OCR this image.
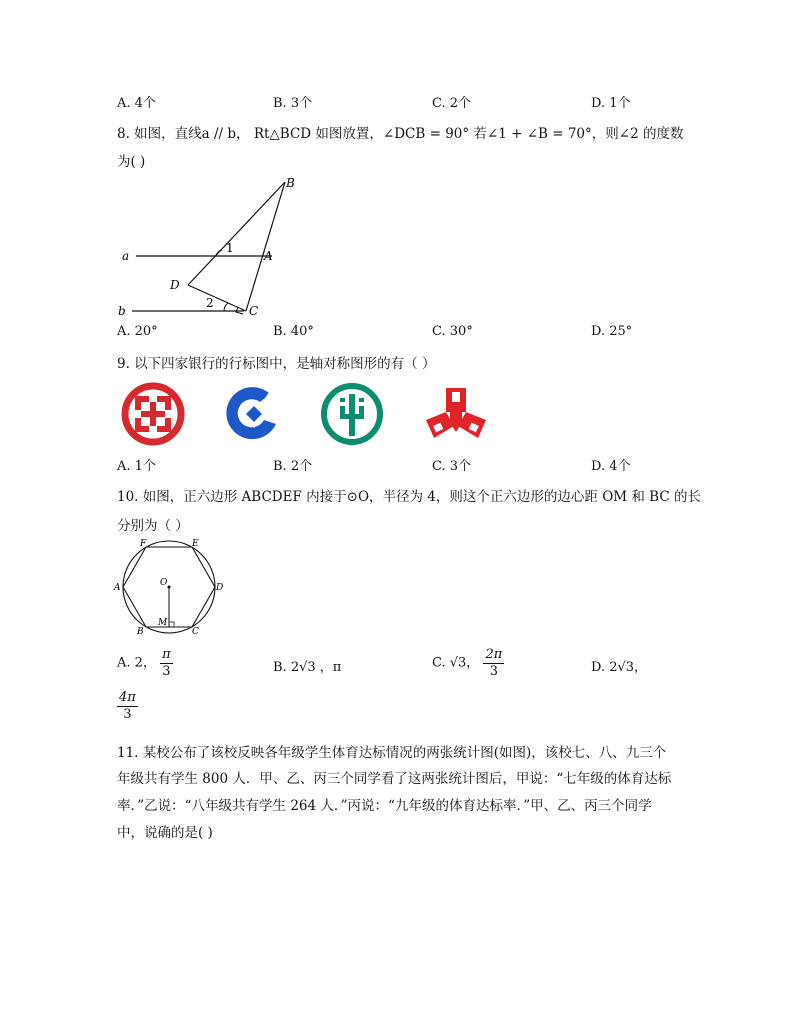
A. 4个	B. 3个	C. 2个	D. 1个
8. 如图，直线a // b， Rt△BCD 如图放置，∠DCB = 90° 若∠1 + ∠B = 70°，则∠2 的度数
为( )
a
b
B
A
D
C
1
2
A. 20°	B. 40°	C. 30°	D. 25°
9. 以下四家银行的行标图中，是轴对称图形的有（ ）
A. 1个	B. 2个	C. 3个	D. 4个
10. 如图，正六边形 ABCDEF 内接于⊙O，半径为 4，则这个正六边形的边心距 OM 和 BC 的长
分别为（ ）
F	E
A	D
B	C
O
M
A. 2， $\frac{\pi}{3}$	B. 2√3 ，π	C. √3， $\frac{2\pi}{3}$	D. 2√3，
$\frac{4\pi}{3}$
11. 某校公布了该校反映各年级学生体育达标情况的两张统计图(如图)，该校七、八、九三个
年级共有学生 800 人．甲、乙、丙三个同学看了这两张统计图后，甲说：“七年级的体育达标
率．”乙说：“八年级共有学生 264 人．”丙说：“九年级的体育达标率．”甲、乙、丙三个同学
中，说确的是( )
